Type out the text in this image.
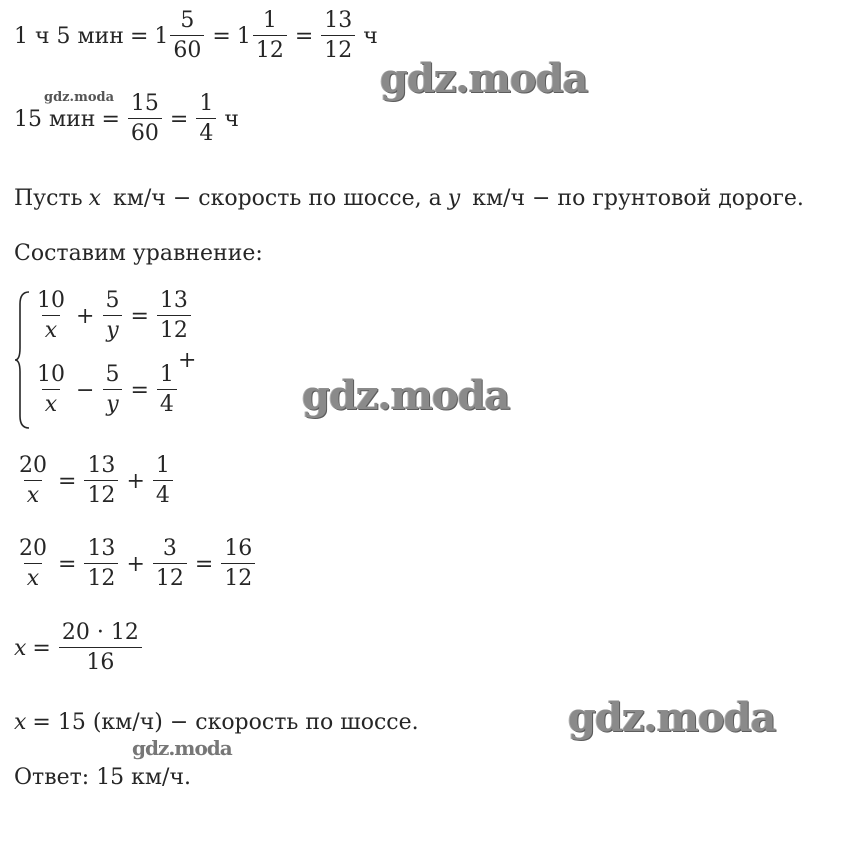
1 ч 5 мин = $1 \frac{5}{60} = 1 \frac{1}{12} = \frac{13}{12}$ ч
15 мин = $\frac{15}{60} = \frac{1}{4}$ ч
Пусть x км/ч − скорость по шоссе, а y км/ч − по грунтовой дороге.
Составим уравнение:
$\frac{10}{x} + \frac{5}{y} = \frac{13}{12}$
$\frac{10}{x} - \frac{5}{y} = \frac{1}{4}$
+
$\frac{20}{x} = \frac{13}{12} + \frac{1}{4}$
$\frac{20}{x} = \frac{13}{12} + \frac{3}{12} = \frac{16}{12}$
$x = \frac{20 \cdot 12}{16}$
x = 15 (км/ч) − скорость по шоссе.
Ответ: 15 км/ч.
gdz.moda
gdz.moda
gdz.moda
gdz.moda
gdz.moda
